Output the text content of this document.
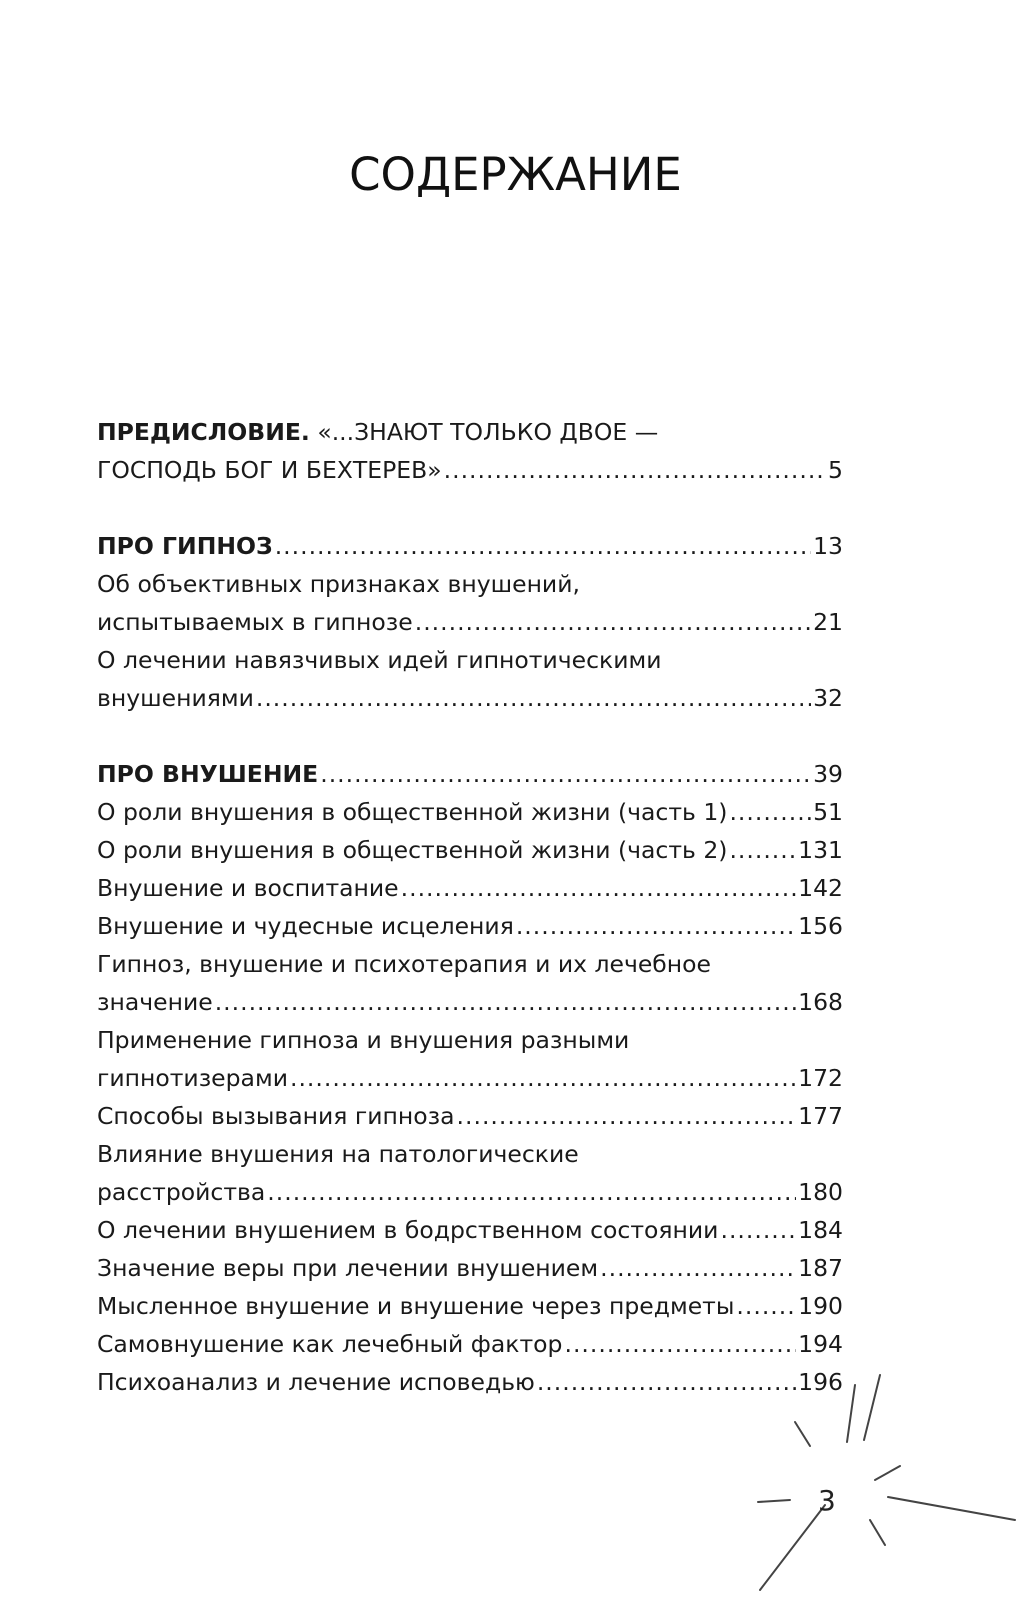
СОДЕРЖАНИЕ
ПРЕДИСЛОВИЕ. «...ЗНАЮТ ТОЛЬКО ДВОЕ —
ГОСПОДЬ БОГ И БЕХТЕРЕВ» .....	5
ПРО ГИПНОЗ .....	13
Об объективных признаках внушений,
испытываемых в гипнозе .....	21
О лечении навязчивых идей гипнотическими
внушениями .....	32
ПРО ВНУШЕНИЕ .....	39
О роли внушения в общественной жизни (часть 1) .....	51
О роли внушения в общественной жизни (часть 2) .....	131
Внушение и воспитание .....	142
Внушение и чудесные исцеления .....	156
Гипноз, внушение и психотерапия и их лечебное
значение .....	168
Применение гипноза и внушения разными
гипнотизерами .....	172
Способы вызывания гипноза .....	177
Влияние внушения на патологические
расстройства .....	180
О лечении внушением в бодрственном состоянии .....	184
Значение веры при лечении внушением .....	187
Мысленное внушение и внушение через предметы .....	190
Самовнушение как лечебный фактор .....	194
Психоанализ и лечение исповедью .....	196
3
